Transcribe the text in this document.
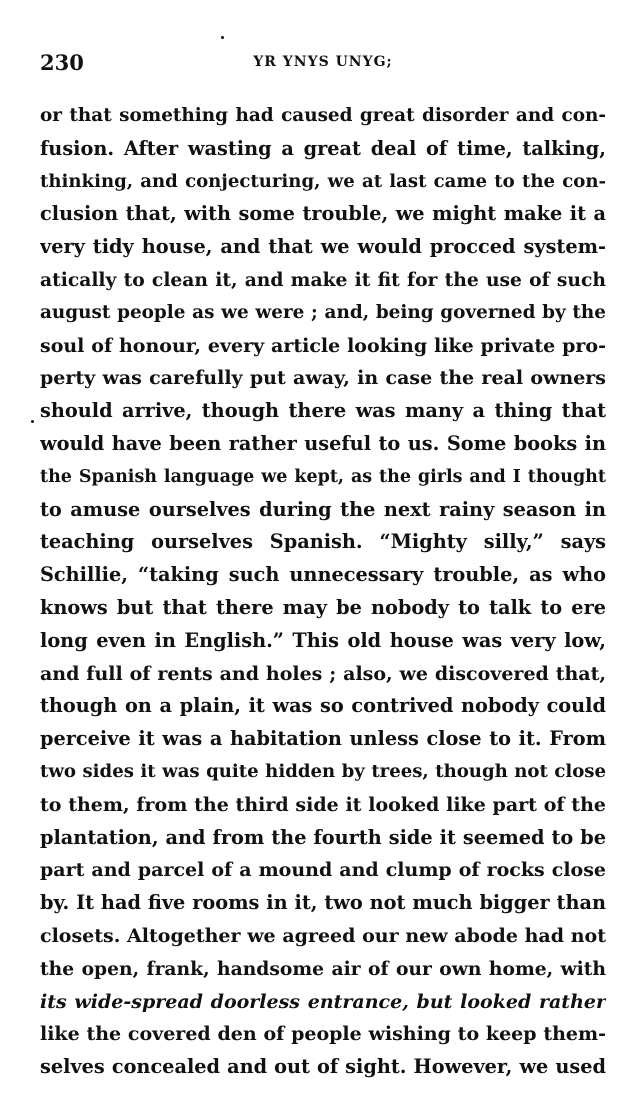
230	YR YNYS UNYG;
or that something had caused great disorder and con-
fusion. After wasting a great deal of time, talking,
thinking, and conjecturing, we at last came to the con-
clusion that, with some trouble, we might make it a
very tidy house, and that we would procced system-
atically to clean it, and make it fit for the use of such
august people as we were ; and, being governed by the
soul of honour, every article looking like private pro-
perty was carefully put away, in case the real owners
should arrive, though there was many a thing that
would have been rather useful to us. Some books in
the Spanish language we kept, as the girls and I thought
to amuse ourselves during the next rainy season in
teaching ourselves Spanish. “Mighty silly,” says
Schillie, “taking such unnecessary trouble, as who
knows but that there may be nobody to talk to ere
long even in English.” This old house was very low,
and full of rents and holes ; also, we discovered that,
though on a plain, it was so contrived nobody could
perceive it was a habitation unless close to it. From
two sides it was quite hidden by trees, though not close
to them, from the third side it looked like part of the
plantation, and from the fourth side it seemed to be
part and parcel of a mound and clump of rocks close
by. It had five rooms in it, two not much bigger than
closets. Altogether we agreed our new abode had not
the open, frank, handsome air of our own home, with
its wide-spread doorless entrance, but looked rather
like the covered den of people wishing to keep them-
selves concealed and out of sight. However, we used
